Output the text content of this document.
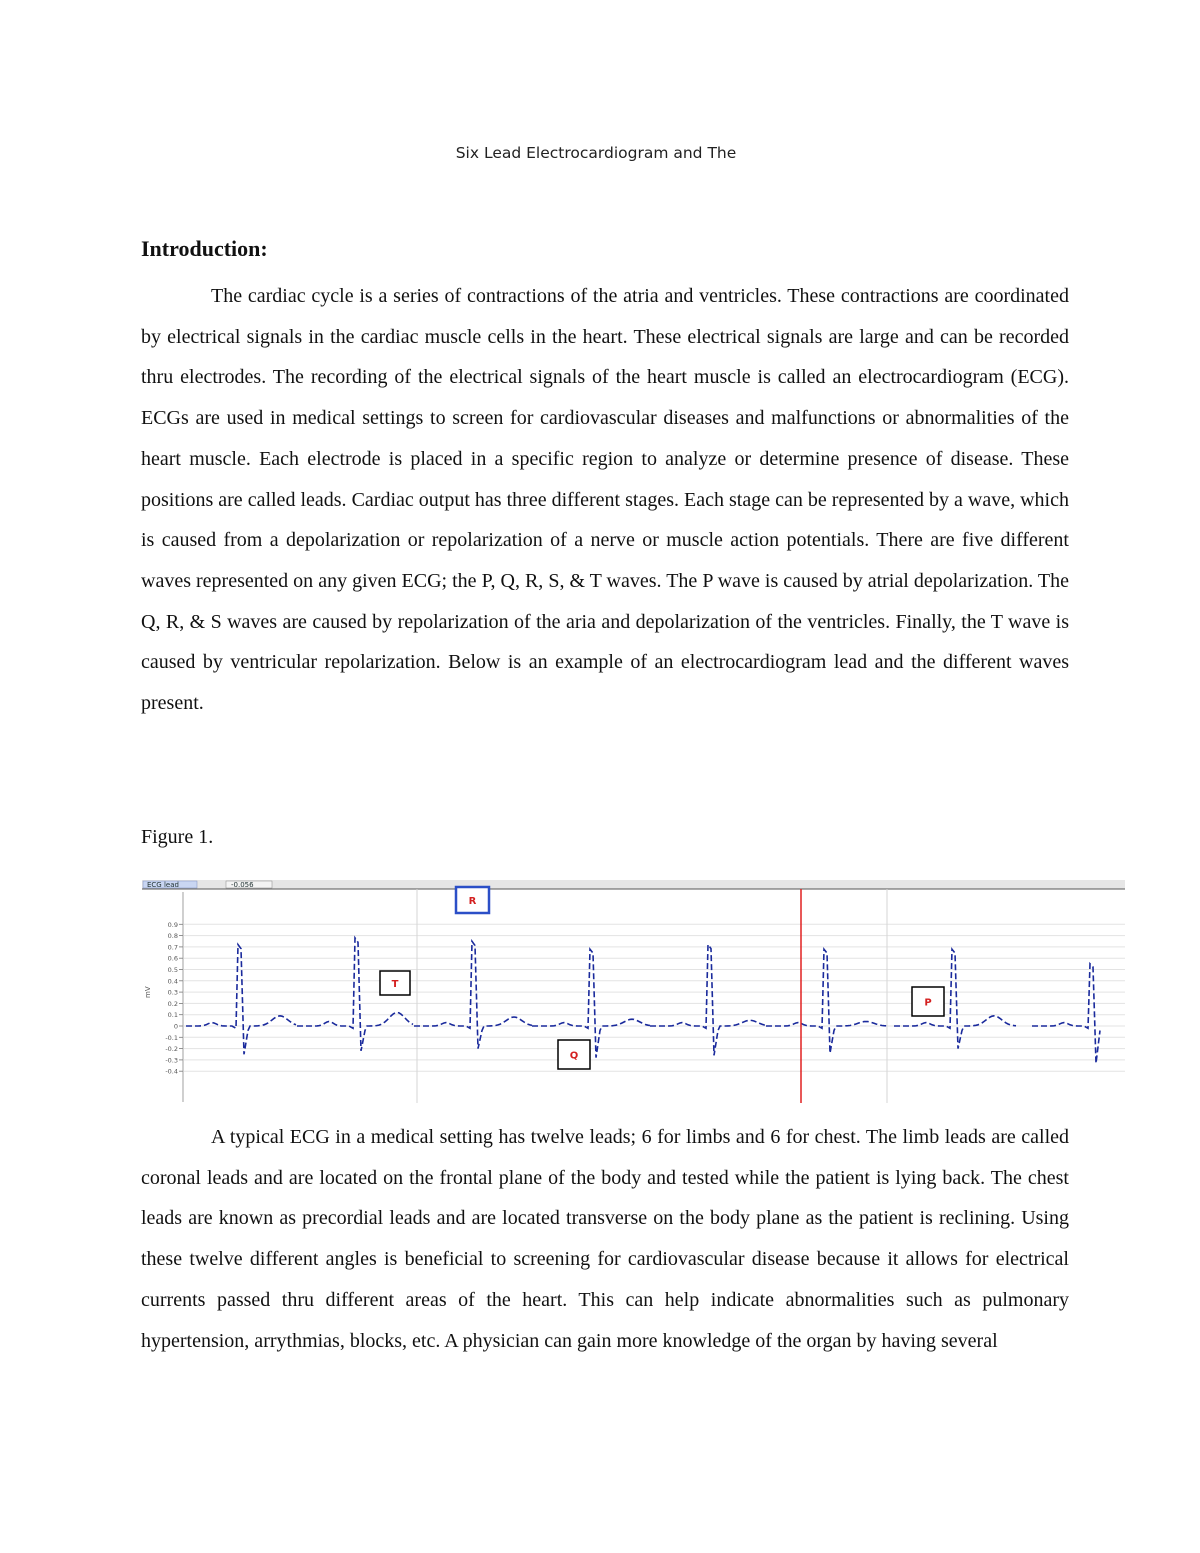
Six Lead Electrocardiogram and The
Introduction:

The cardiac cycle is a series of contractions of the atria and ventricles. These contractions are coordinated by electrical signals in the cardiac muscle cells in the heart. These electrical signals are large and can be recorded thru electrodes. The recording of the electrical signals of the heart muscle is called an electrocardiogram (ECG). ECGs are used in medical settings to screen for cardiovascular diseases and malfunctions or abnormalities of the heart muscle. Each electrode is placed in a specific region to analyze or determine presence of disease. These positions are called leads. Cardiac output has three different stages. Each stage can be represented by a wave, which is caused from a depolarization or repolarization of a nerve or muscle action potentials. There are five different waves represented on any given ECG; the P, Q, R, S, & T waves. The P wave is caused by atrial depolarization. The Q, R, & S waves are caused by repolarization of the aria and depolarization of the ventricles. Finally, the T wave is caused by ventricular repolarization. Below is an example of an electrocardiogram lead and the different waves present.

Figure 1.
ECG lead	-0.056
0.9
0.8
0.7
0.6
0.5
0.4
0.3
0.2
0.1
0
-0.1
-0.2
-0.3
-0.4
mV
R
T
Q
P

A typical ECG in a medical setting has twelve leads; 6 for limbs and 6 for chest. The limb leads are called coronal leads and are located on the frontal plane of the body and tested while the patient is lying back. The chest leads are known as precordial leads and are located transverse on the body plane as the patient is reclining. Using these twelve different angles is beneficial to screening for cardiovascular disease because it allows for electrical currents passed thru different areas of the heart. This can help indicate abnormalities such as pulmonary hypertension, arrythmias, blocks, etc. A physician can gain more knowledge of the organ by having several
